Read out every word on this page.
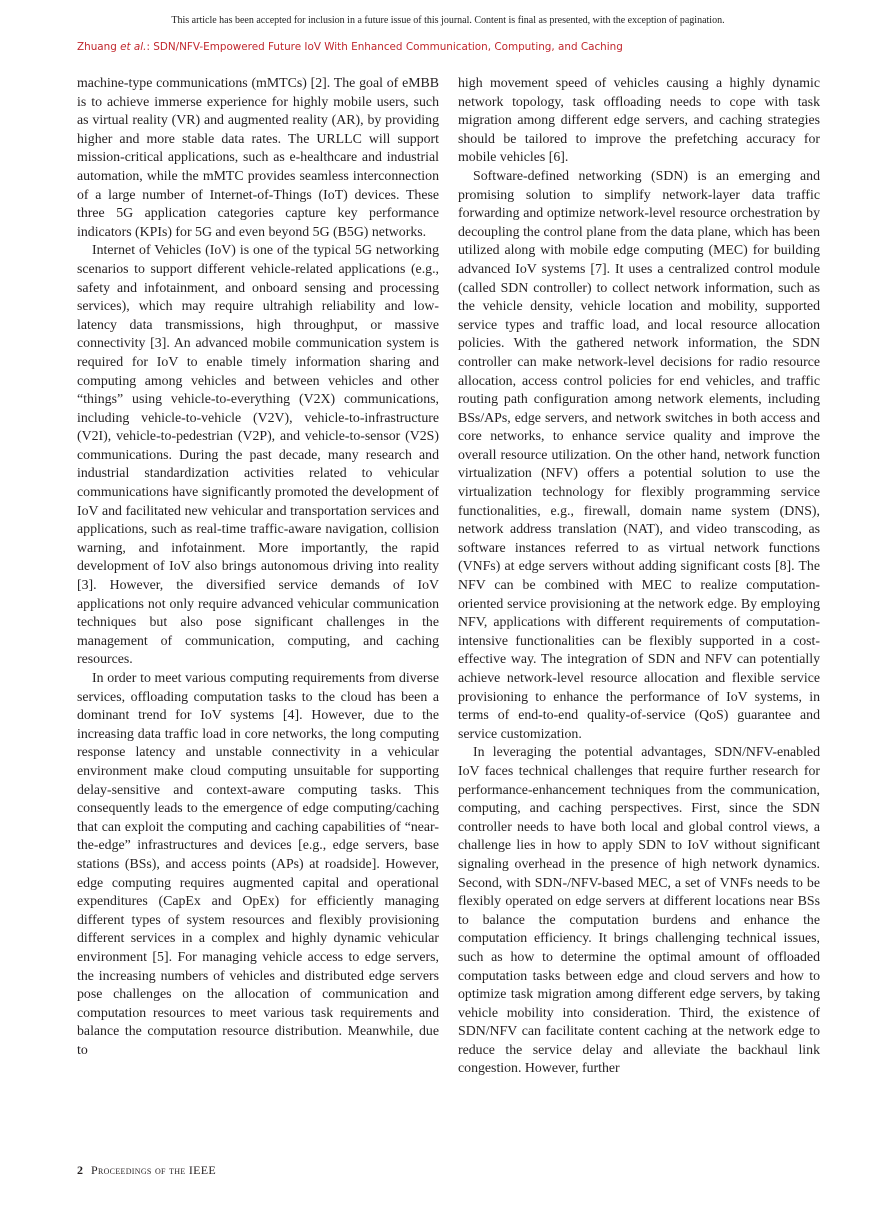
This article has been accepted for inclusion in a future issue of this journal. Content is final as presented, with the exception of pagination.
Zhuang et al.: SDN/NFV-Empowered Future IoV With Enhanced Communication, Computing, and Caching

machine-type communications (mMTCs) [2]. The goal of eMBB is to achieve immerse experience for highly mobile users, such as virtual reality (VR) and augmented reality (AR), by providing higher and more stable data rates. The URLLC will support mission-critical applications, such as e-healthcare and industrial automation, while the mMTC provides seamless interconnection of a large number of Internet-of-Things (IoT) devices. These three 5G application categories capture key performance indicators (KPIs) for 5G and even beyond 5G (B5G) networks.

Internet of Vehicles (IoV) is one of the typical 5G networking scenarios to support different vehicle-related applications (e.g., safety and infotainment, and onboard sensing and processing services), which may require ultrahigh reliability and low-latency data transmissions, high throughput, or massive connectivity [3]. An advanced mobile communication system is required for IoV to enable timely information sharing and computing among vehicles and between vehicles and other “things” using vehicle-to-everything (V2X) communications, including vehicle-to-vehicle (V2V), vehicle-to-infrastructure (V2I), vehicle-to-pedestrian (V2P), and vehicle-to-sensor (V2S) communications. During the past decade, many research and industrial standardization activities related to vehicular communications have significantly promoted the development of IoV and facilitated new vehicular and transportation services and applications, such as real-time traffic-aware navigation, collision warning, and infotainment. More importantly, the rapid development of IoV also brings autonomous driving into reality [3]. However, the diversified service demands of IoV applications not only require advanced vehicular communication techniques but also pose significant challenges in the management of communication, computing, and caching resources.

In order to meet various computing requirements from diverse services, offloading computation tasks to the cloud has been a dominant trend for IoV systems [4]. However, due to the increasing data traffic load in core networks, the long computing response latency and unstable connectivity in a vehicular environment make cloud computing unsuitable for supporting delay-sensitive and context-aware computing tasks. This consequently leads to the emergence of edge computing/caching that can exploit the computing and caching capabilities of “near-the-edge” infrastructures and devices [e.g., edge servers, base stations (BSs), and access points (APs) at roadside]. However, edge computing requires augmented capital and operational expenditures (CapEx and OpEx) for efficiently managing different types of system resources and flexibly provisioning different services in a complex and highly dynamic vehicular environment [5]. For managing vehicle access to edge servers, the increasing numbers of vehicles and distributed edge servers pose challenges on the allocation of communication and computation resources to meet various task requirements and balance the computation resource distribution. Meanwhile, due to

high movement speed of vehicles causing a highly dynamic network topology, task offloading needs to cope with task migration among different edge servers, and caching strategies should be tailored to improve the prefetching accuracy for mobile vehicles [6].

Software-defined networking (SDN) is an emerging and promising solution to simplify network-layer data traffic forwarding and optimize network-level resource orchestration by decoupling the control plane from the data plane, which has been utilized along with mobile edge computing (MEC) for building advanced IoV systems [7]. It uses a centralized control module (called SDN controller) to collect network information, such as the vehicle density, vehicle location and mobility, supported service types and traffic load, and local resource allocation policies. With the gathered network information, the SDN controller can make network-level decisions for radio resource allocation, access control policies for end vehicles, and traffic routing path configuration among network elements, including BSs/APs, edge servers, and network switches in both access and core networks, to enhance service quality and improve the overall resource utilization. On the other hand, network function virtualization (NFV) offers a potential solution to use the virtualization technology for flexibly programming service functionalities, e.g., firewall, domain name system (DNS), network address translation (NAT), and video transcoding, as software instances referred to as virtual network functions (VNFs) at edge servers without adding significant costs [8]. The NFV can be combined with MEC to realize computation-oriented service provisioning at the network edge. By employing NFV, applications with different requirements of computation-intensive functionalities can be flexibly supported in a cost-effective way. The integration of SDN and NFV can potentially achieve network-level resource allocation and flexible service provisioning to enhance the performance of IoV systems, in terms of end-to-end quality-of-service (QoS) guarantee and service customization.

In leveraging the potential advantages, SDN/NFV-enabled IoV faces technical challenges that require further research for performance-enhancement techniques from the communication, computing, and caching perspectives. First, since the SDN controller needs to have both local and global control views, a challenge lies in how to apply SDN to IoV without significant signaling overhead in the presence of high network dynamics. Second, with SDN-/NFV-based MEC, a set of VNFs needs to be flexibly operated on edge servers at different locations near BSs to balance the computation burdens and enhance the computation efficiency. It brings challenging technical issues, such as how to determine the optimal amount of offloaded computation tasks between edge and cloud servers and how to optimize task migration among different edge servers, by taking vehicle mobility into consideration. Third, the existence of SDN/NFV can facilitate content caching at the network edge to reduce the service delay and alleviate the backhaul link congestion. However, further

2 Proceedings of the IEEE
